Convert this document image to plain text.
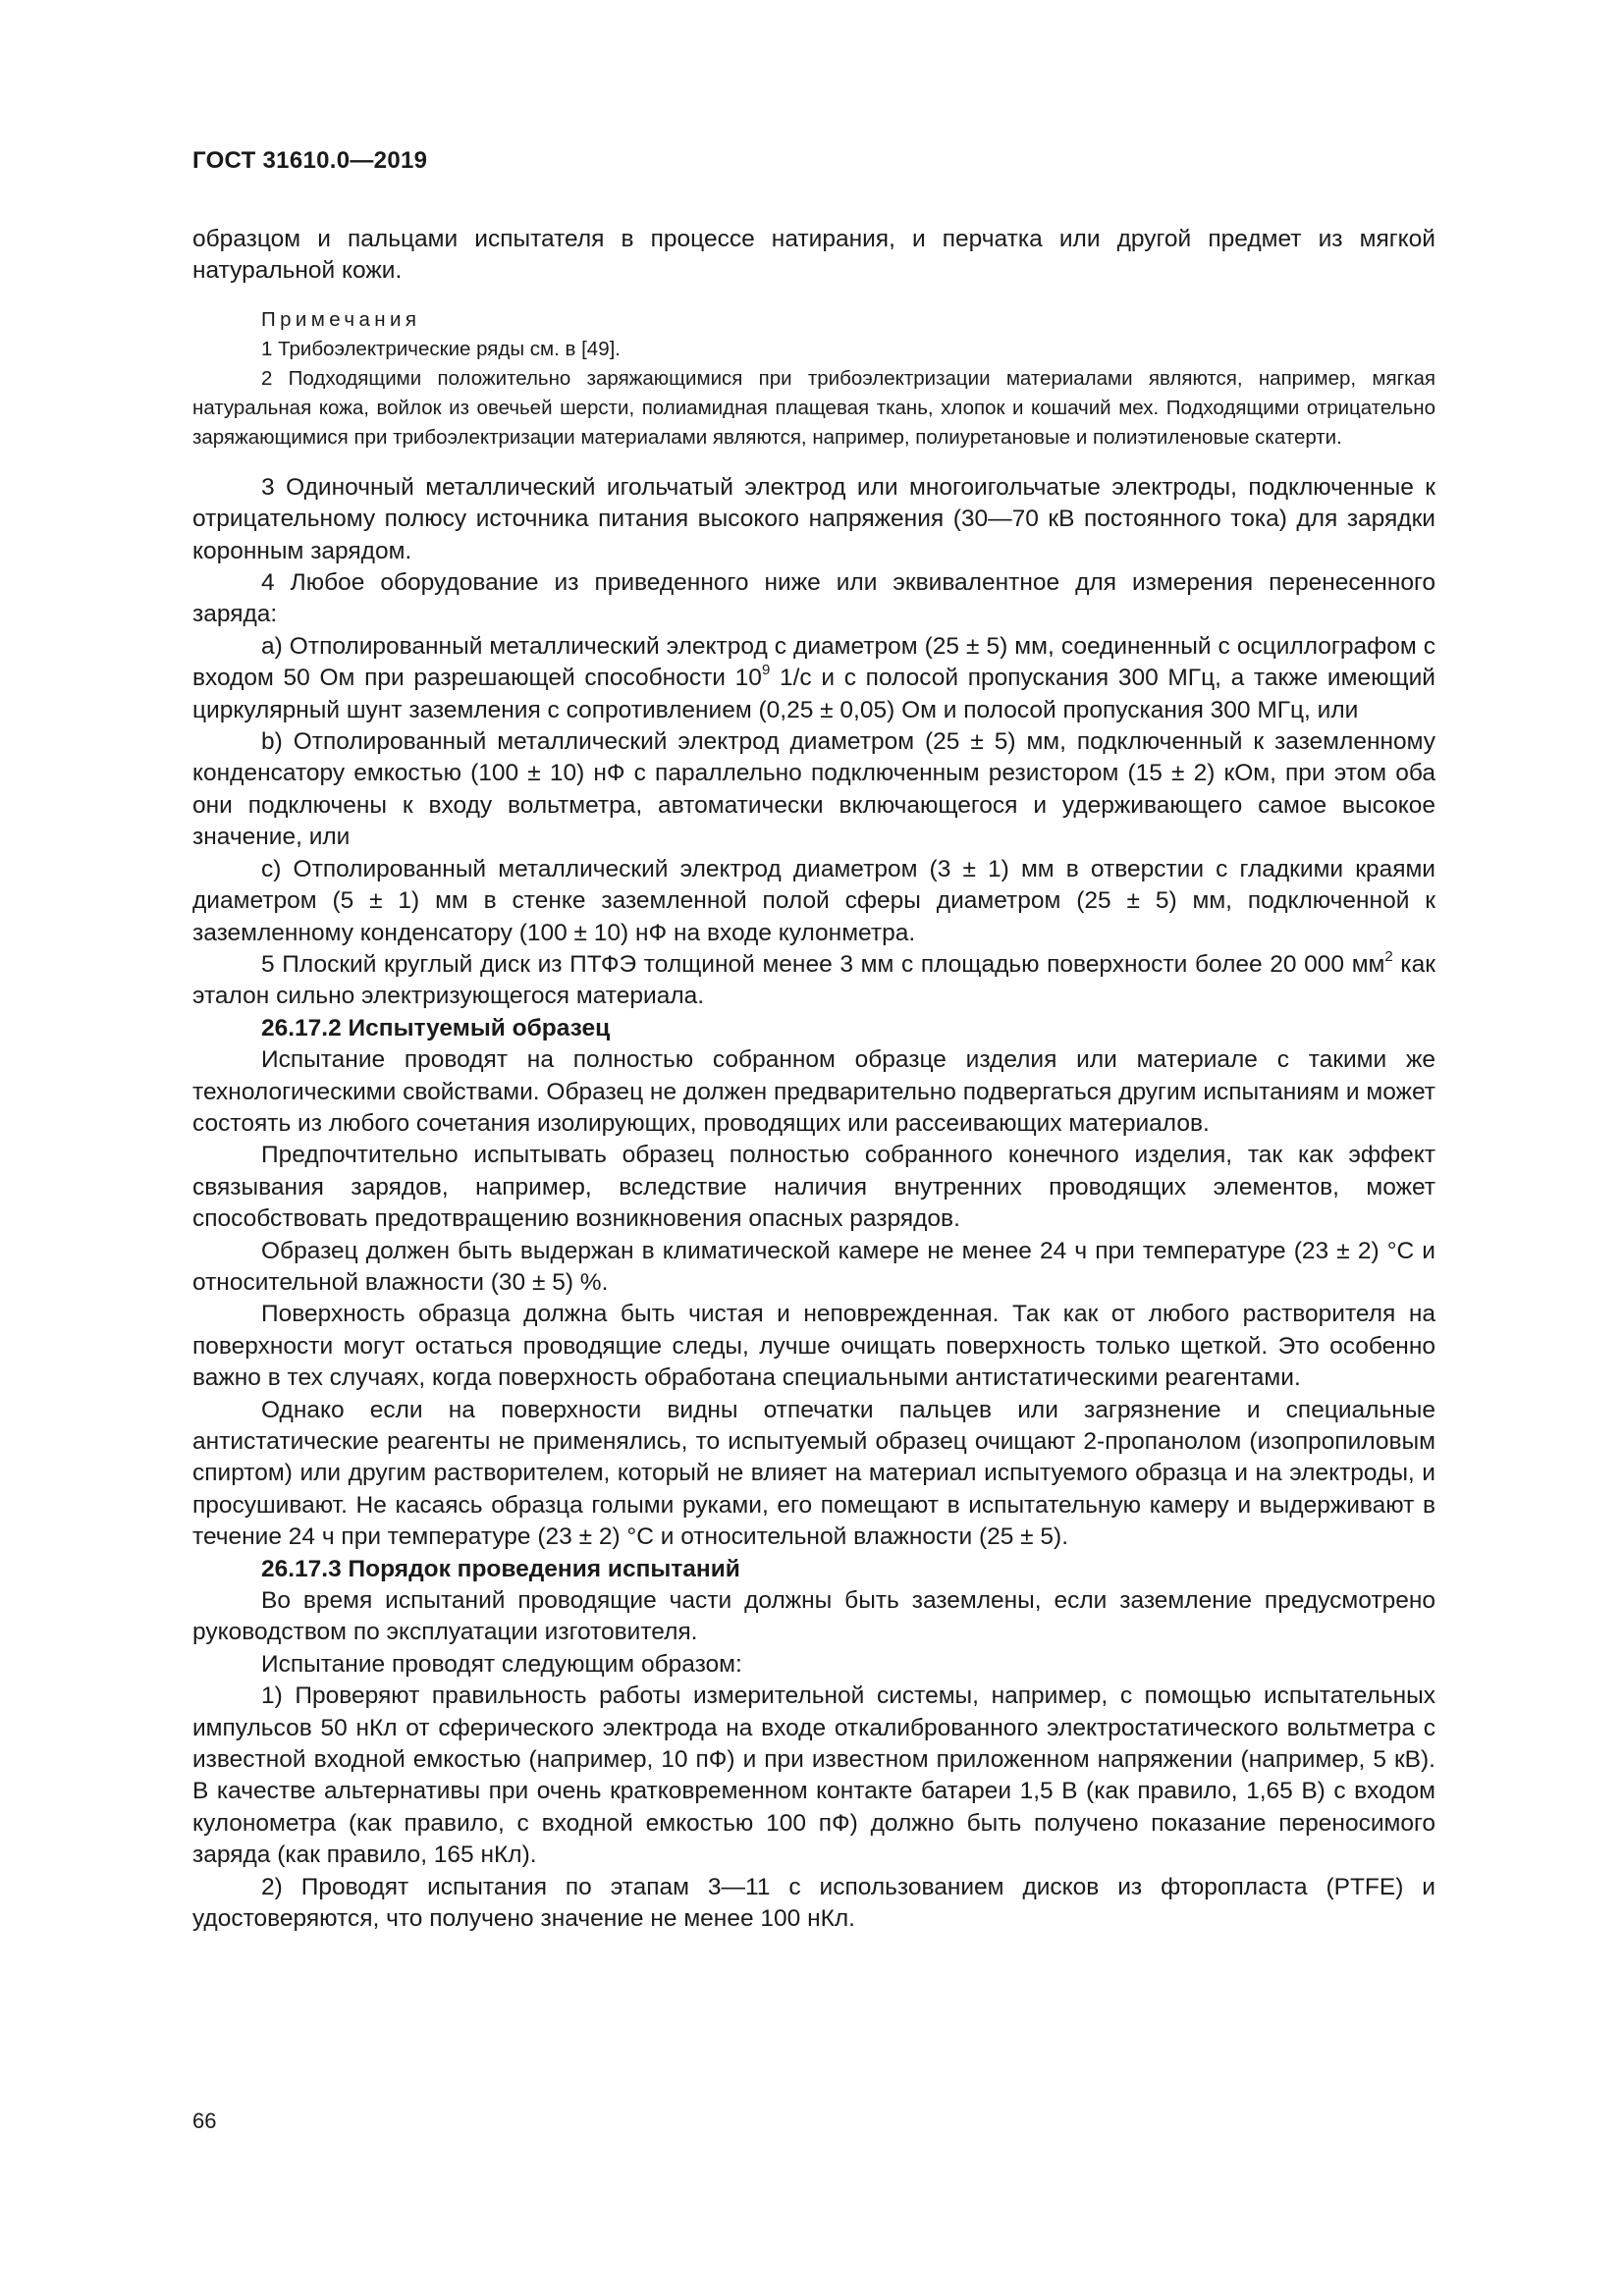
ГОСТ 31610.0—2019

образцом и пальцами испытателя в процессе натирания, и перчатка или другой предмет из мягкой натуральной кожи.

Примечания

1 Трибоэлектрические ряды см. в [49].

2 Подходящими положительно заряжающимися при трибоэлектризации материалами являются, например, мягкая натуральная кожа, войлок из овечьей шерсти, полиамидная плащевая ткань, хлопок и кошачий мех. Подходящими отрицательно заряжающимися при трибоэлектризации материалами являются, например, полиуретановые и полиэтиленовые скатерти.

3 Одиночный металлический игольчатый электрод или многоигольчатые электроды, подключенные к отрицательному полюсу источника питания высокого напряжения (30—70 кВ постоянного тока) для зарядки коронным зарядом.

4 Любое оборудование из приведенного ниже или эквивалентное для измерения перенесенного заряда:

a) Отполированный металлический электрод с диаметром (25 ± 5) мм, соединенный с осциллографом с входом 50 Ом при разрешающей способности $10^9$ 1/с и с полосой пропускания 300 МГц, а также имеющий циркулярный шунт заземления с сопротивлением (0,25 ± 0,05) Ом и полосой пропускания 300 МГц, или

b) Отполированный металлический электрод диаметром (25 ± 5) мм, подключенный к заземленному конденсатору емкостью (100 ± 10) нФ с параллельно подключенным резистором (15 ± 2) кОм, при этом оба они подключены к входу вольтметра, автоматически включающегося и удерживающего самое высокое значение, или

c) Отполированный металлический электрод диаметром (3 ± 1) мм в отверстии с гладкими краями диаметром (5 ± 1) мм в стенке заземленной полой сферы диаметром (25 ± 5) мм, подключенной к заземленному конденсатору (100 ± 10) нФ на входе кулонметра.

5 Плоский круглый диск из ПТФЭ толщиной менее 3 мм с площадью поверхности более 20 000 $мм^2$ как эталон сильно электризующегося материала.

26.17.2 Испытуемый образец

Испытание проводят на полностью собранном образце изделия или материале с такими же технологическими свойствами. Образец не должен предварительно подвергаться другим испытаниям и может состоять из любого сочетания изолирующих, проводящих или рассеивающих материалов.

Предпочтительно испытывать образец полностью собранного конечного изделия, так как эффект связывания зарядов, например, вследствие наличия внутренних проводящих элементов, может способствовать предотвращению возникновения опасных разрядов.

Образец должен быть выдержан в климатической камере не менее 24 ч при температуре (23 ± 2) °С и относительной влажности (30 ± 5) %.

Поверхность образца должна быть чистая и неповрежденная. Так как от любого растворителя на поверхности могут остаться проводящие следы, лучше очищать поверхность только щеткой. Это особенно важно в тех случаях, когда поверхность обработана специальными антистатическими реагентами.

Однако если на поверхности видны отпечатки пальцев или загрязнение и специальные антистатические реагенты не применялись, то испытуемый образец очищают 2-пропанолом (изопропиловым спиртом) или другим растворителем, который не влияет на материал испытуемого образца и на электроды, и просушивают. Не касаясь образца голыми руками, его помещают в испытательную камеру и выдерживают в течение 24 ч при температуре (23 ± 2) °С и относительной влажности (25 ± 5).

26.17.3 Порядок проведения испытаний

Во время испытаний проводящие части должны быть заземлены, если заземление предусмотрено руководством по эксплуатации изготовителя.

Испытание проводят следующим образом:

1) Проверяют правильность работы измерительной системы, например, с помощью испытательных импульсов 50 нКл от сферического электрода на входе откалиброванного электростатического вольтметра с известной входной емкостью (например, 10 пФ) и при известном приложенном напряжении (например, 5 кВ). В качестве альтернативы при очень кратковременном контакте батареи 1,5 В (как правило, 1,65 В) с входом кулонометра (как правило, с входной емкостью 100 пФ) должно быть получено показание переносимого заряда (как правило, 165 нКл).

2) Проводят испытания по этапам 3—11 с использованием дисков из фторопласта (PTFE) и удостоверяются, что получено значение не менее 100 нКл.

66
